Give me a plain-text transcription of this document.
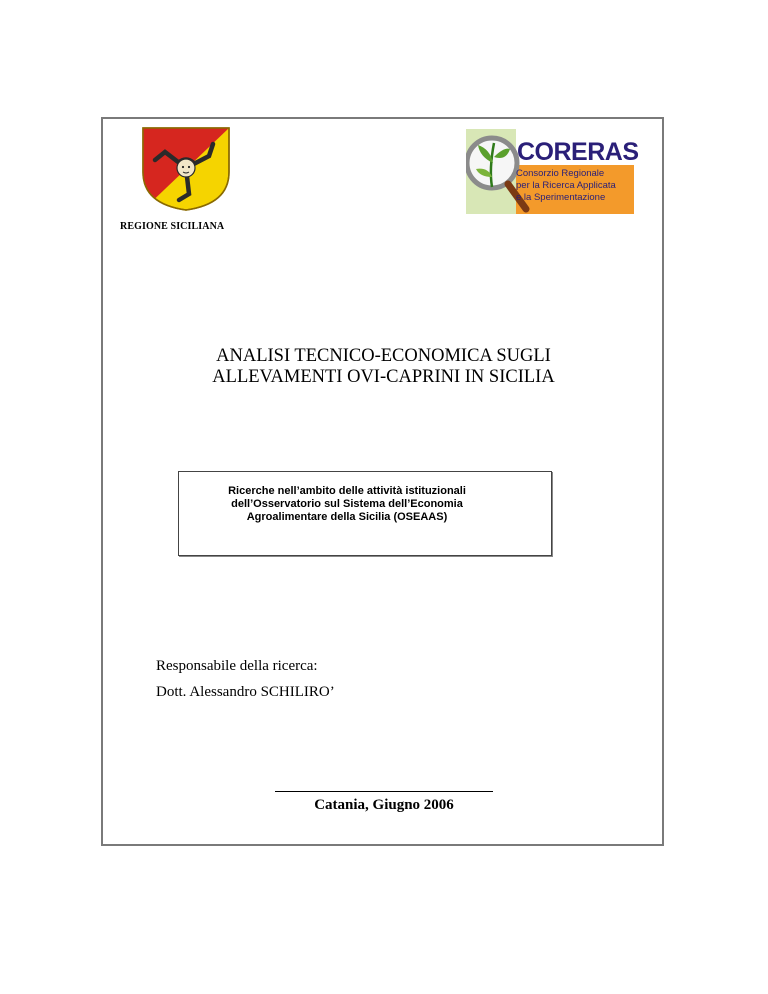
REGIONE SICILIANA
CORERAS
Consorzio Regionale
per la Ricerca Applicata
e la Sperimentazione
ANALISI TECNICO-ECONOMICA SUGLI
ALLEVAMENTI OVI-CAPRINI IN SICILIA
Ricerche nell’ambito delle attività istituzionali
dell’Osservatorio sul Sistema dell’Economia
Agroalimentare della Sicilia (OSEAAS)
Responsabile della ricerca:
Dott. Alessandro SCHILIRO’
Catania, Giugno 2006
